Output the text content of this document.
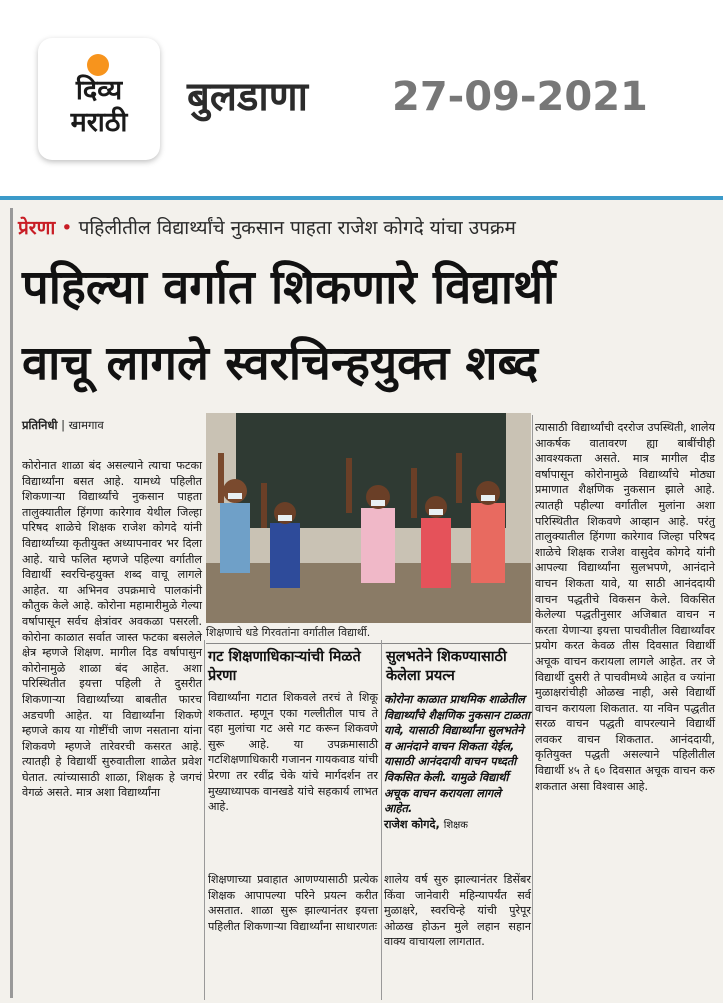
दिव्य
मराठी
बुलडाणा 27-09-2021
प्रेरणा • पहिलीतील विद्यार्थ्यांचे नुकसान पाहता राजेश कोगदे यांचा उपक्रम
पहिल्या वर्गात शिकणारे विद्यार्थी
वाचू लागले स्वरचिन्हयुक्त शब्द
प्रतिनिधी | खामगाव
कोरोनात शाळा बंद असल्याने त्याचा फटका विद्यार्थ्यांना बसत आहे. यामध्ये पहिलीत शिकणाऱ्या विद्यार्थ्यांचे नुकसान पाहता तालुक्यातील हिंगणा कारेगाव येथील जिल्हा परिषद शाळेचे शिक्षक राजेश कोगदे यांनी विद्यार्थ्यांच्या कृतीयुक्त अध्यापनावर भर दिला आहे. याचे फलित म्हणजे पहिल्या वर्गातील विद्यार्थी स्वरचिन्हयुक्त शब्द वाचू लागले आहेत. या अभिनव उपक्रमाचे पालकांनी कौतुक केले आहे. कोरोना महामारीमुळे गेल्या वर्षापासून सर्वच क्षेत्रांवर अवकळा पसरली. कोरोना काळात सर्वात जास्त फटका बसलेले क्षेत्र म्हणजे शिक्षण. मागील दिड वर्षापासुन कोरोनामुळे शाळा बंद आहेत. अशा परिस्थितीत इयत्ता पहिली ते दुसरीत शिकणाऱ्या विद्यार्थ्यांच्या बाबतीत फारच अडचणी आहेत. या विद्यार्थ्यांना शिकणे म्हणजे काय या गोष्टींची जाण नसताना यांना शिकवणे म्हणजे तारेवरची कसरत आहे. त्यातही हे विद्यार्थी सुरुवातीला शाळेत प्रवेश घेतात. त्यांच्यासाठी शाळा, शिक्षक हे जगचं वेगळं असते. मात्र अशा विद्यार्थ्यांना
शिक्षणाचे धडे गिरवतांना वर्गातील विद्यार्थी.
गट शिक्षणाधिकाऱ्यांची मिळते प्रेरणा
विद्यार्थ्यांना गटात शिकवले तरचं ते शिकू शकतात. म्हणून एका गल्लीतील पाच ते दहा मुलांचा गट असे गट करून शिकवणे सुरू आहे. या उपक्रमासाठी गटशिक्षणाधिकारी गजानन गायकवाड यांची प्रेरणा तर रवींद्र चेके यांचे मार्गदर्शन तर मुख्याध्यापक वानखडे यांचे सहकार्य लाभत आहे.
सुलभतेने शिकण्यासाठी केलेला प्रयत्न
कोरोना काळात प्राथमिक शाळेतील विद्यार्थ्यांचे शैक्षणिक नुकसान टाळता यावे, यासाठी विद्यार्थ्यांना सुलभतेने व आनंदाने वाचन शिकता येईल, यासाठी आनंददायी वाचन पध्दती विकसित केली. यामुळे विद्यार्थी अचूक वाचन करायला लागले आहेत.
राजेश कोगदे, शिक्षक
शिक्षणाच्या प्रवाहात आणण्यासाठी प्रत्येक शिक्षक आपापल्या परिने प्रयत्न करीत असतात. शाळा सुरू झाल्यानंतर इयत्ता पहिलीत शिकणाऱ्या विद्यार्थ्यांना साधारणतः
शालेय वर्ष सुरु झाल्यानंतर डिसेंबर किंवा जानेवारी महिन्यापर्यंत सर्व मुळाक्षरे, स्वरचिन्हे यांची पुरेपूर ओळख होऊन मुले लहान सहान वाक्य वाचायला लागतात.
त्यासाठी विद्यार्थ्यांची दररोज उपस्थिती, शालेय आकर्षक वातावरण ह्या बाबींचीही आवश्यकता असते. मात्र मागील दीड वर्षापासून कोरोनामुळे विद्यार्थ्यांचे मोठ्या प्रमाणात शैक्षणिक नुकसान झाले आहे. त्यातही पहील्या वर्गातील मुलांना अशा परिस्थितीत शिकवणे आव्हान आहे. परंतु तालुक्यातील हिंगणा कारेगाव जिल्हा परिषद शाळेचे शिक्षक राजेश वासुदेव कोगदे यांनी आपल्या विद्यार्थ्यांना सुलभपणे, आनंदाने वाचन शिकता यावे, या साठी आनंददायी वाचन पद्धतीचे विकसन केले. विकसित केलेल्या पद्धतीनुसार अजिबात वाचन न करता येणाऱ्या इयत्ता पाचवीतील विद्यार्थ्यांवर प्रयोग करत केवळ तीस दिवसात विद्यार्थी अचूक वाचन करायला लागले आहेत. तर जे विद्यार्थी दुसरी ते पाचवीमध्ये आहेत व ज्यांना मुळाक्षरांचीही ओळख नाही, असे विद्यार्थी वाचन करायला शिकतात. या नविन पद्धतीत सरळ वाचन पद्धती वापरल्याने विद्यार्थी लवकर वाचन शिकतात. आनंददायी, कृतियुक्त पद्धती असल्याने पहिलीतील विद्यार्थी ४५ ते ६० दिवसात अचूक वाचन करु शकतात असा विश्वास आहे.
